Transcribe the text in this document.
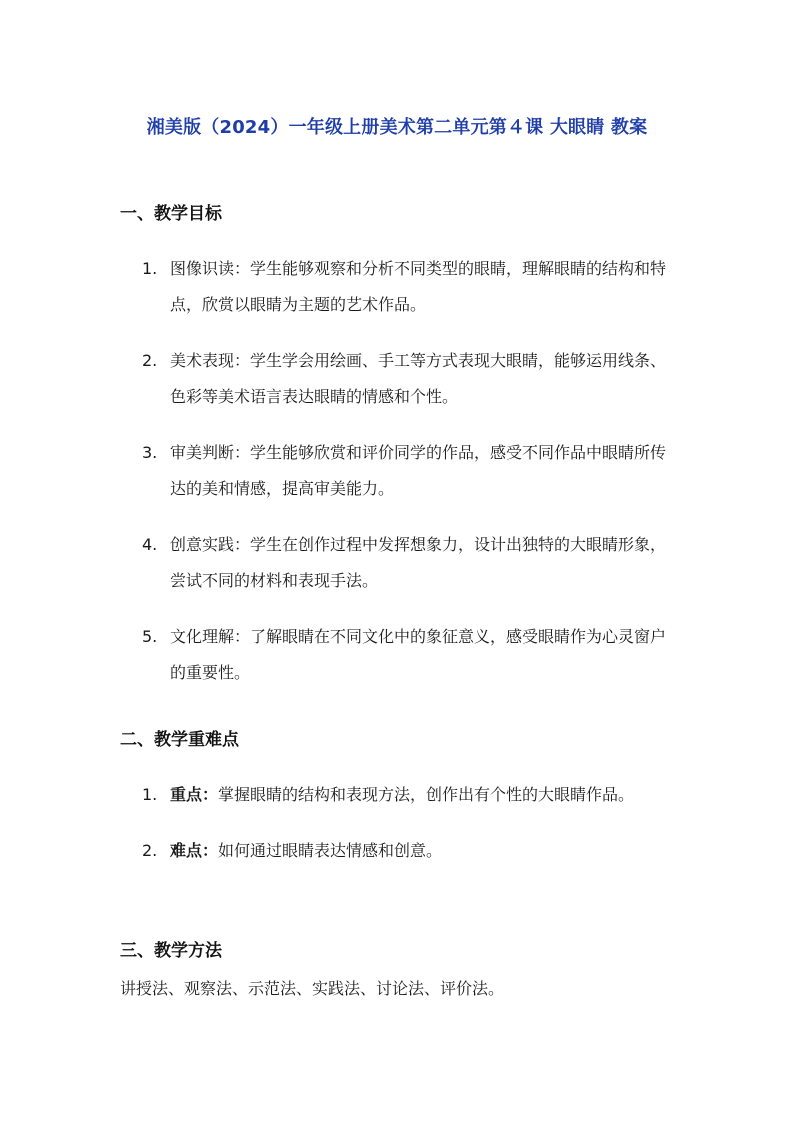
湘美版（2024）一年级上册美术第二单元第４课 大眼睛 教案
一、教学目标
1. 图像识读：学生能够观察和分析不同类型的眼睛，理解眼睛的结构和特点，欣赏以眼睛为主题的艺术作品。
2. 美术表现：学生学会用绘画、手工等方式表现大眼睛，能够运用线条、色彩等美术语言表达眼睛的情感和个性。
3. 审美判断：学生能够欣赏和评价同学的作品，感受不同作品中眼睛所传达的美和情感，提高审美能力。
4. 创意实践：学生在创作过程中发挥想象力，设计出独特的大眼睛形象，尝试不同的材料和表现手法。
5. 文化理解：了解眼睛在不同文化中的象征意义，感受眼睛作为心灵窗户的重要性。
二、教学重难点
1. 重点：掌握眼睛的结构和表现方法，创作出有个性的大眼睛作品。
2. 难点：如何通过眼睛表达情感和创意。
三、教学方法
讲授法、观察法、示范法、实践法、讨论法、评价法。
